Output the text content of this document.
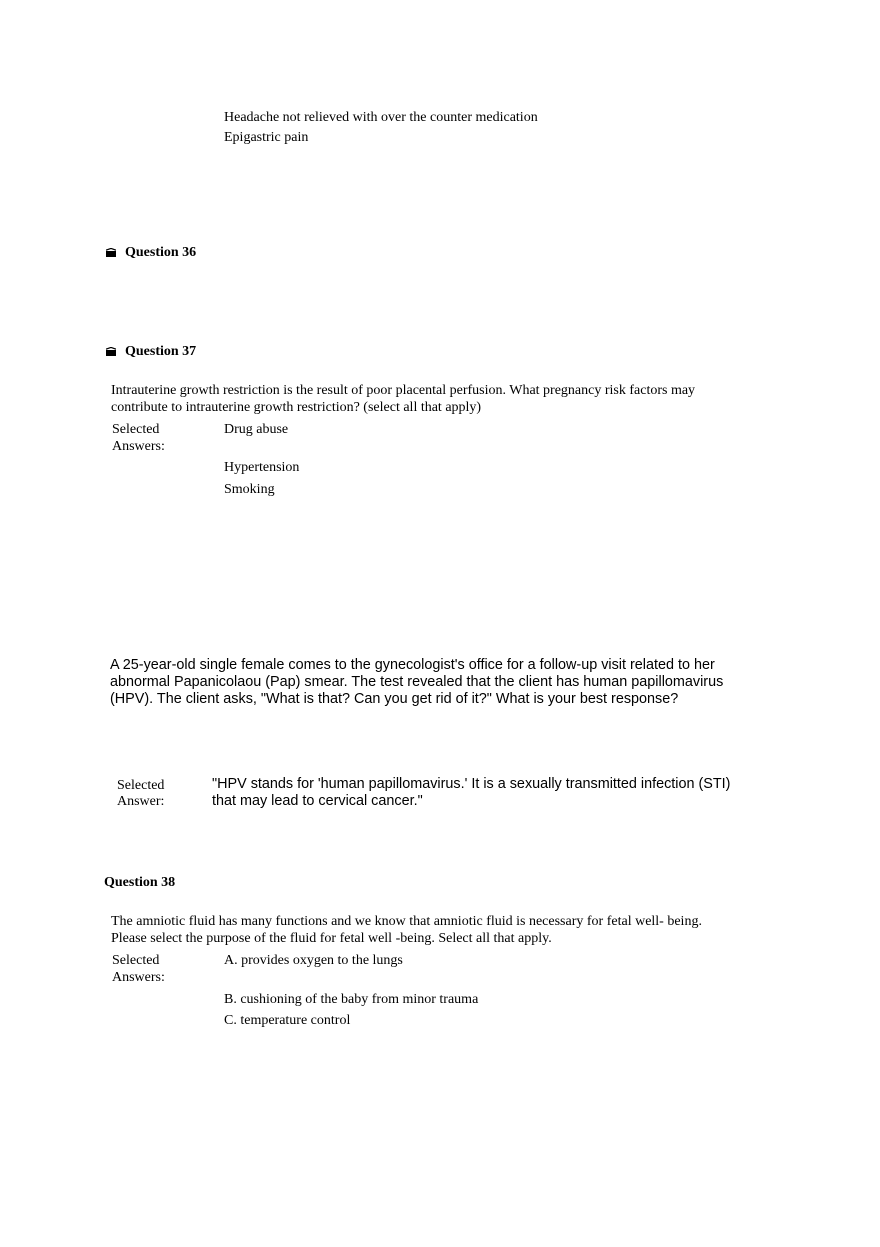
Headache not relieved with over the counter medication
Epigastric pain
Question 36
Question 37
Intrauterine growth restriction is the result of poor placental perfusion. What pregnancy risk factors may
contribute to intrauterine growth restriction? (select all that apply)
Selected
Answers:
Drug abuse
Hypertension
Smoking
A 25-year-old single female comes to the gynecologist's office for a follow-up visit related to her
abnormal Papanicolaou (Pap) smear. The test revealed that the client has human papillomavirus
(HPV). The client asks, "What is that? Can you get rid of it?" What is your best response?
Selected
Answer:
"HPV stands for 'human papillomavirus.' It is a sexually transmitted infection (STI)
that may lead to cervical cancer."
Question 38
The amniotic fluid has many functions and we know that amniotic fluid is necessary for fetal well- being.
Please select the purpose of the fluid for fetal well -being. Select all that apply.
Selected
Answers:
A. provides oxygen to the lungs
B. cushioning of the baby from minor trauma
C. temperature control
